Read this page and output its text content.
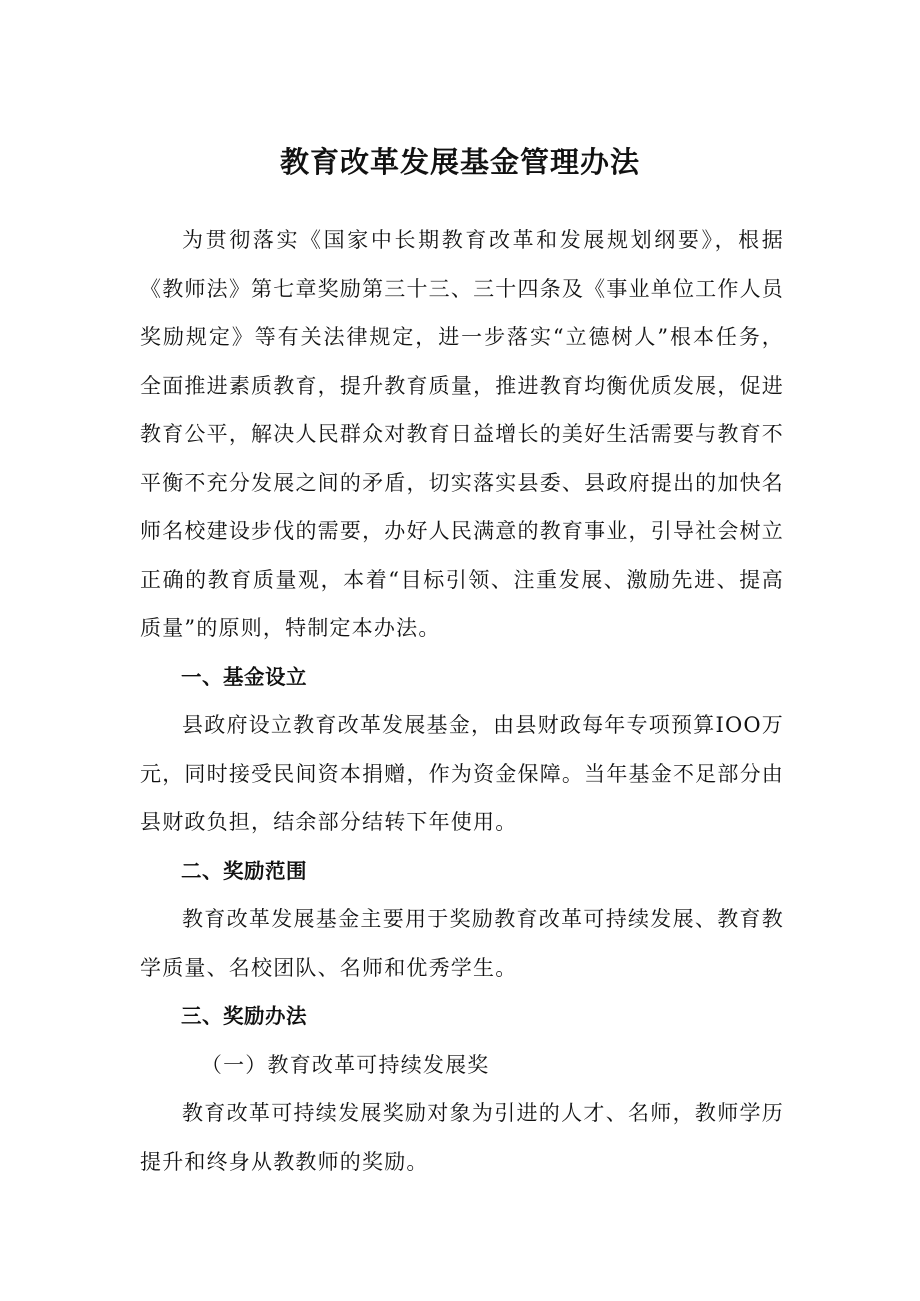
教育改革发展基金管理办法

为贯彻落实《国家中长期教育改革和发展规划纲要》，根据《教师法》第七章奖励第三十三、三十四条及《事业单位工作人员奖励规定》等有关法律规定，进一步落实“立德树人”根本任务，全面推进素质教育，提升教育质量，推进教育均衡优质发展，促进教育公平，解决人民群众对教育日益增长的美好生活需要与教育不平衡不充分发展之间的矛盾，切实落实县委、县政府提出的加快名师名校建设步伐的需要，办好人民满意的教育事业，引导社会树立正确的教育质量观，本着“目标引领、注重发展、激励先进、提高质量”的原则，特制定本办法。

一、基金设立

县政府设立教育改革发展基金，由县财政每年专项预算IOO万元，同时接受民间资本捐赠，作为资金保障。当年基金不足部分由县财政负担，结余部分结转下年使用。

二、奖励范围

教育改革发展基金主要用于奖励教育改革可持续发展、教育教学质量、名校团队、名师和优秀学生。

三、奖励办法

（一）教育改革可持续发展奖

教育改革可持续发展奖励对象为引进的人才、名师，教师学历提升和终身从教教师的奖励。
